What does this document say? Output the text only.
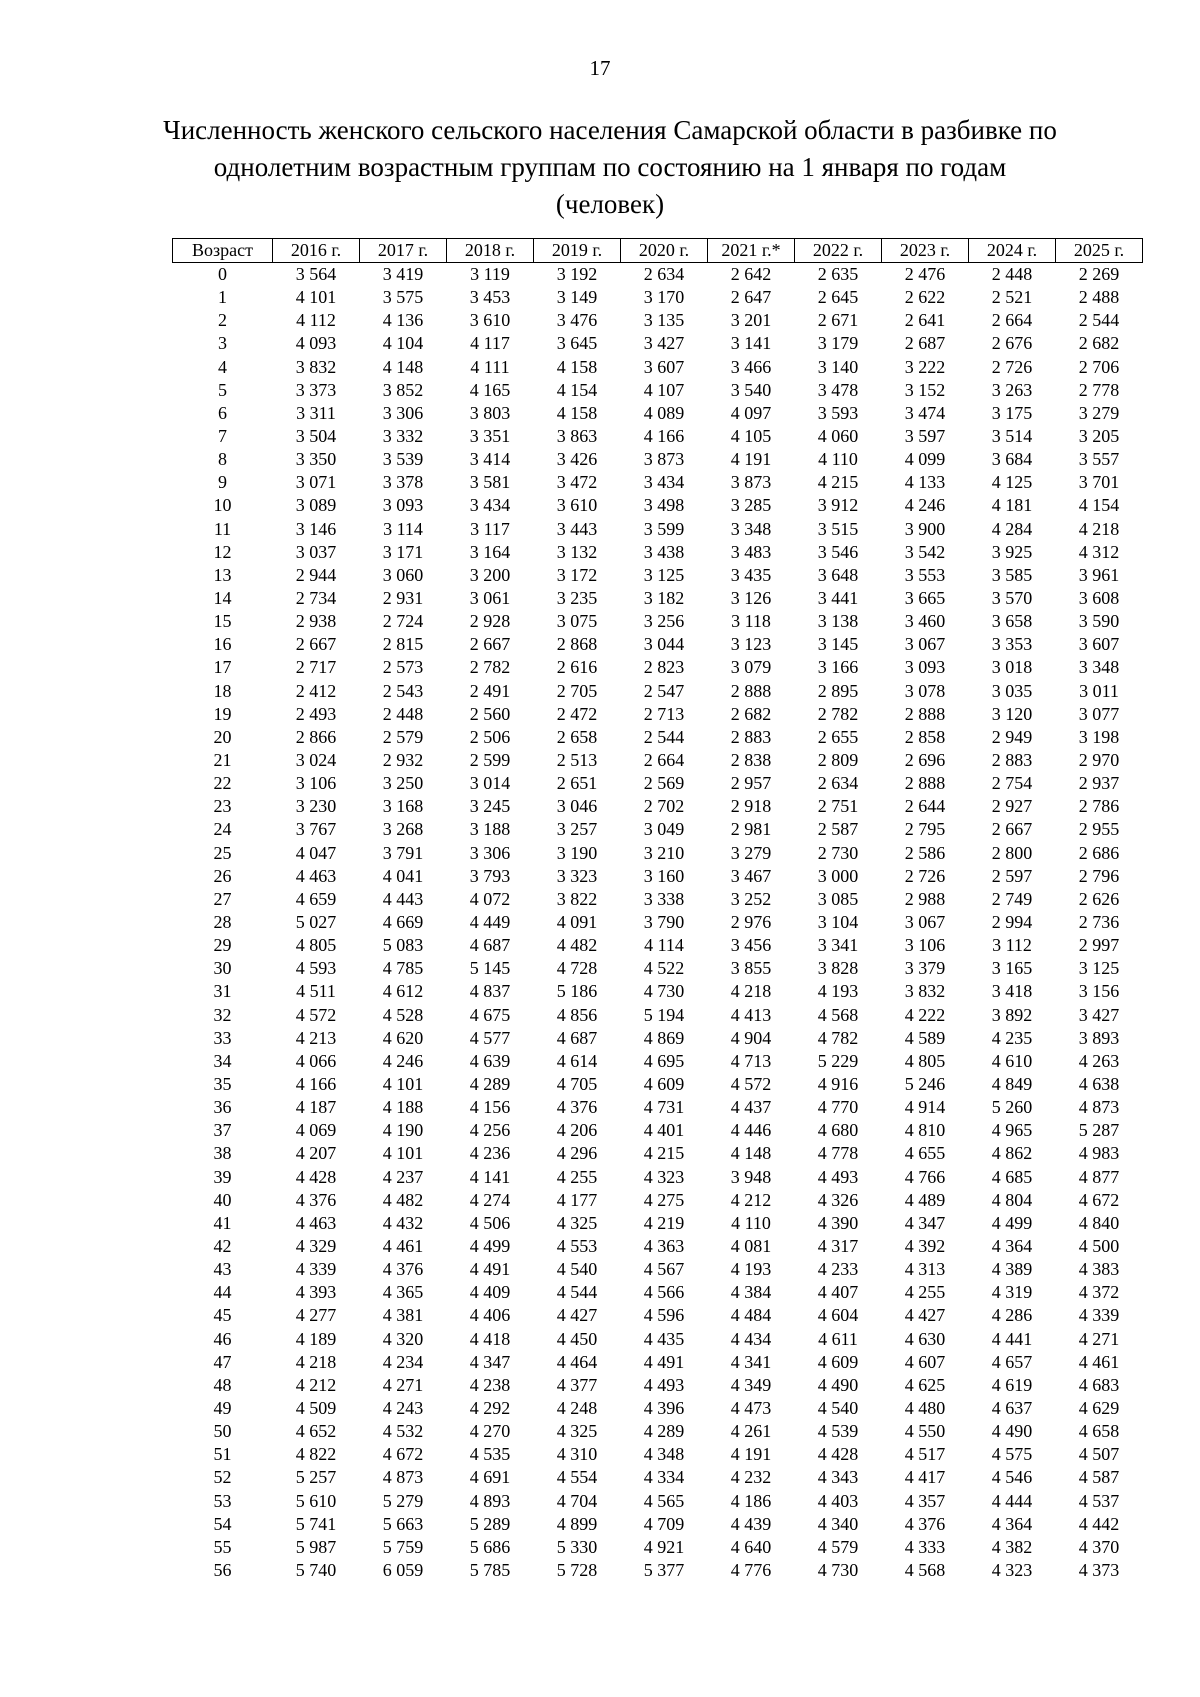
17
Численность женского сельского населения Самарской области в разбивке по
однолетним возрастным группам по состоянию на 1 января по годам
(человек)
Возраст	2016 г.	2017 г.	2018 г.	2019 г.	2020 г.	2021 г.*	2022 г.	2023 г.	2024 г.	2025 г.
0	3 564	3 419	3 119	3 192	2 634	2 642	2 635	2 476	2 448	2 269
1	4 101	3 575	3 453	3 149	3 170	2 647	2 645	2 622	2 521	2 488
2	4 112	4 136	3 610	3 476	3 135	3 201	2 671	2 641	2 664	2 544
3	4 093	4 104	4 117	3 645	3 427	3 141	3 179	2 687	2 676	2 682
4	3 832	4 148	4 111	4 158	3 607	3 466	3 140	3 222	2 726	2 706
5	3 373	3 852	4 165	4 154	4 107	3 540	3 478	3 152	3 263	2 778
6	3 311	3 306	3 803	4 158	4 089	4 097	3 593	3 474	3 175	3 279
7	3 504	3 332	3 351	3 863	4 166	4 105	4 060	3 597	3 514	3 205
8	3 350	3 539	3 414	3 426	3 873	4 191	4 110	4 099	3 684	3 557
9	3 071	3 378	3 581	3 472	3 434	3 873	4 215	4 133	4 125	3 701
10	3 089	3 093	3 434	3 610	3 498	3 285	3 912	4 246	4 181	4 154
11	3 146	3 114	3 117	3 443	3 599	3 348	3 515	3 900	4 284	4 218
12	3 037	3 171	3 164	3 132	3 438	3 483	3 546	3 542	3 925	4 312
13	2 944	3 060	3 200	3 172	3 125	3 435	3 648	3 553	3 585	3 961
14	2 734	2 931	3 061	3 235	3 182	3 126	3 441	3 665	3 570	3 608
15	2 938	2 724	2 928	3 075	3 256	3 118	3 138	3 460	3 658	3 590
16	2 667	2 815	2 667	2 868	3 044	3 123	3 145	3 067	3 353	3 607
17	2 717	2 573	2 782	2 616	2 823	3 079	3 166	3 093	3 018	3 348
18	2 412	2 543	2 491	2 705	2 547	2 888	2 895	3 078	3 035	3 011
19	2 493	2 448	2 560	2 472	2 713	2 682	2 782	2 888	3 120	3 077
20	2 866	2 579	2 506	2 658	2 544	2 883	2 655	2 858	2 949	3 198
21	3 024	2 932	2 599	2 513	2 664	2 838	2 809	2 696	2 883	2 970
22	3 106	3 250	3 014	2 651	2 569	2 957	2 634	2 888	2 754	2 937
23	3 230	3 168	3 245	3 046	2 702	2 918	2 751	2 644	2 927	2 786
24	3 767	3 268	3 188	3 257	3 049	2 981	2 587	2 795	2 667	2 955
25	4 047	3 791	3 306	3 190	3 210	3 279	2 730	2 586	2 800	2 686
26	4 463	4 041	3 793	3 323	3 160	3 467	3 000	2 726	2 597	2 796
27	4 659	4 443	4 072	3 822	3 338	3 252	3 085	2 988	2 749	2 626
28	5 027	4 669	4 449	4 091	3 790	2 976	3 104	3 067	2 994	2 736
29	4 805	5 083	4 687	4 482	4 114	3 456	3 341	3 106	3 112	2 997
30	4 593	4 785	5 145	4 728	4 522	3 855	3 828	3 379	3 165	3 125
31	4 511	4 612	4 837	5 186	4 730	4 218	4 193	3 832	3 418	3 156
32	4 572	4 528	4 675	4 856	5 194	4 413	4 568	4 222	3 892	3 427
33	4 213	4 620	4 577	4 687	4 869	4 904	4 782	4 589	4 235	3 893
34	4 066	4 246	4 639	4 614	4 695	4 713	5 229	4 805	4 610	4 263
35	4 166	4 101	4 289	4 705	4 609	4 572	4 916	5 246	4 849	4 638
36	4 187	4 188	4 156	4 376	4 731	4 437	4 770	4 914	5 260	4 873
37	4 069	4 190	4 256	4 206	4 401	4 446	4 680	4 810	4 965	5 287
38	4 207	4 101	4 236	4 296	4 215	4 148	4 778	4 655	4 862	4 983
39	4 428	4 237	4 141	4 255	4 323	3 948	4 493	4 766	4 685	4 877
40	4 376	4 482	4 274	4 177	4 275	4 212	4 326	4 489	4 804	4 672
41	4 463	4 432	4 506	4 325	4 219	4 110	4 390	4 347	4 499	4 840
42	4 329	4 461	4 499	4 553	4 363	4 081	4 317	4 392	4 364	4 500
43	4 339	4 376	4 491	4 540	4 567	4 193	4 233	4 313	4 389	4 383
44	4 393	4 365	4 409	4 544	4 566	4 384	4 407	4 255	4 319	4 372
45	4 277	4 381	4 406	4 427	4 596	4 484	4 604	4 427	4 286	4 339
46	4 189	4 320	4 418	4 450	4 435	4 434	4 611	4 630	4 441	4 271
47	4 218	4 234	4 347	4 464	4 491	4 341	4 609	4 607	4 657	4 461
48	4 212	4 271	4 238	4 377	4 493	4 349	4 490	4 625	4 619	4 683
49	4 509	4 243	4 292	4 248	4 396	4 473	4 540	4 480	4 637	4 629
50	4 652	4 532	4 270	4 325	4 289	4 261	4 539	4 550	4 490	4 658
51	4 822	4 672	4 535	4 310	4 348	4 191	4 428	4 517	4 575	4 507
52	5 257	4 873	4 691	4 554	4 334	4 232	4 343	4 417	4 546	4 587
53	5 610	5 279	4 893	4 704	4 565	4 186	4 403	4 357	4 444	4 537
54	5 741	5 663	5 289	4 899	4 709	4 439	4 340	4 376	4 364	4 442
55	5 987	5 759	5 686	5 330	4 921	4 640	4 579	4 333	4 382	4 370
56	5 740	6 059	5 785	5 728	5 377	4 776	4 730	4 568	4 323	4 373
